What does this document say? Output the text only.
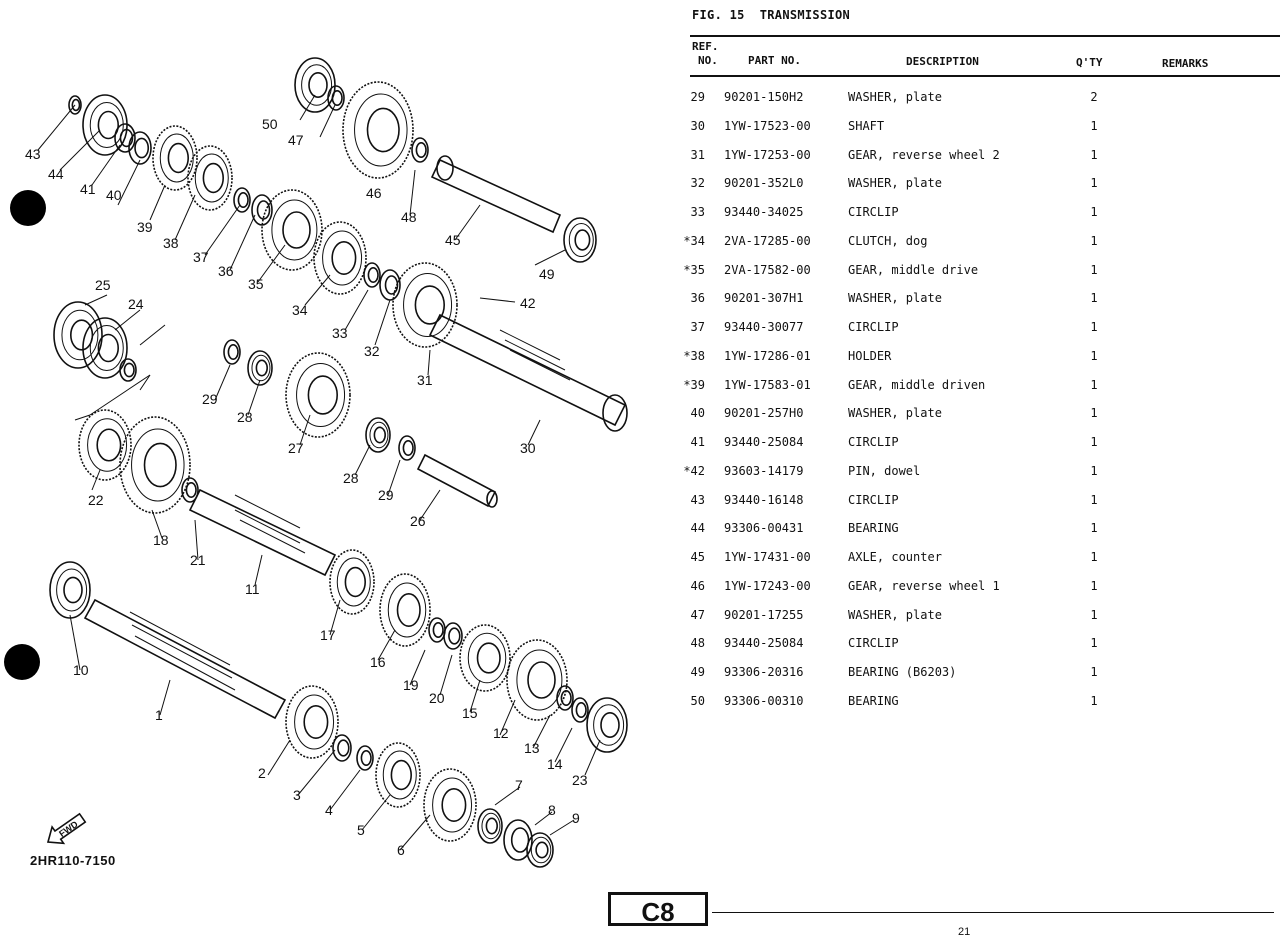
FWD
1
2
3
4
5
6
7
8 9
10
11
12
13
14
15
16
17
18
19
20
21
22
23
24
25
26
27
28
28
29
29
30
31
32
33
34
35
36
37
38
39
40
41
42
43
44
45
46
47
48
49
50
2HR110-7150
FIG. 15 TRANSMISSION
REF.
NO.	PART NO.	DESCRIPTION	Q'TY	REMARKS
29 90201-150H2	WASHER, plate	2
30 1YW-17523-00	SHAFT	1
31 1YW-17253-00	GEAR, reverse wheel 2	1
32 90201-352L0	WASHER, plate	1
33 93440-34025	CIRCLIP	1
*34 2VA-17285-00	CLUTCH, dog	1
*35 2VA-17582-00	GEAR, middle drive	1
36 90201-307H1	WASHER, plate	1
37 93440-30077	CIRCLIP	1
*38 1YW-17286-01	HOLDER	1
*39 1YW-17583-01	GEAR, middle driven	1
40 90201-257H0	WASHER, plate	1
41 93440-25084	CIRCLIP	1
*42 93603-14179	PIN, dowel	1
43 93440-16148	CIRCLIP	1
44 93306-00431	BEARING	1
45 1YW-17431-00	AXLE, counter	1
46 1YW-17243-00	GEAR, reverse wheel 1	1
47 90201-17255	WASHER, plate	1
48 93440-25084	CIRCLIP	1
49 93306-20316	BEARING (B6203)	1
50 93306-00310	BEARING	1
C8
21
